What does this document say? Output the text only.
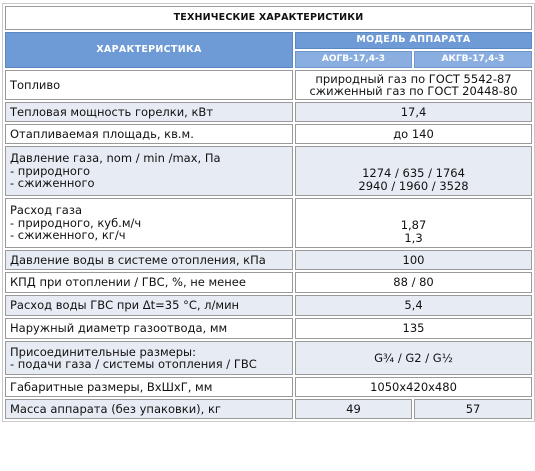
ТЕХНИЧЕСКИЕ ХАРАКТЕРИСТИКИ		
ХАРАКТЕРИСТИКА	МОДЕЛЬ АППАРАТА	
	АОГВ-17,4-3	АКГВ-17,4-3

Топливо	природный газ по ГОСТ 5542-87
сжиженный газ по ГОСТ 20448-80	

Тепловая мощность горелки, кВт	17,4	

Отапливаемая площадь, кв.м.	до 140	

Давление газа, nom / min /max, Па
- природного
- сжиженного	1274 / 635 / 1764
2940 / 1960 / 3528	

Расход газа
- природного, куб.м/ч
- сжиженного, кг/ч	1,87
1,3	

Давление воды в системе отопления, кПа	100	

КПД при отоплении / ГВС, %, не менее	88 / 80	

Расход воды ГВС при Δt=35 °С, л/мин	5,4	

Наружный диаметр газоотвода, мм	135	

Присоединительные размеры:
- подачи газа / системы отопления / ГВС	G¾ / G2 / G½	

Габаритные размеры, ВхШхГ, мм	1050х420х480	

Масса аппарата (без упаковки), кг	49	57
